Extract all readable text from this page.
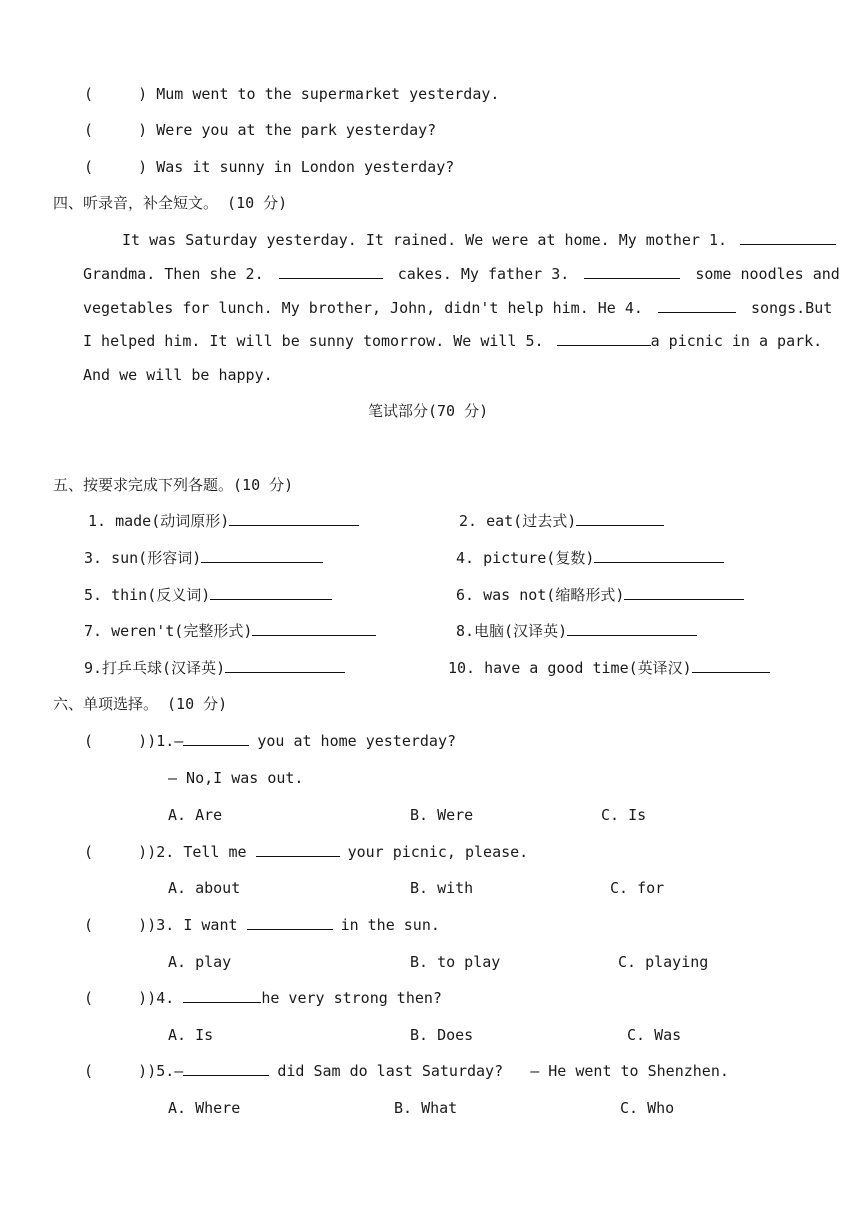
(     ) Mum went to the supermarket yesterday.
(     ) Were you at the park yesterday?
(     ) Was it sunny in London yesterday?
四、听录音，补全短文。 (10 分)
It was Saturday yesterday. It rained. We were at home. My mother 1.
Grandma. Then she 2.	cakes. My father 3.	some noodles and
vegetables for lunch. My brother, John, didn't help him. He 4.	songs.But
I helped him. It will be sunny tomorrow. We will 5.	a picnic in a park.
And we will be happy.
笔试部分(70 分)
五、按要求完成下列各题。(10 分)
1. made(动词原形)	2. eat(过去式)
3. sun(形容词)	4. picture(复数)
5. thin(反义词)	6. was not(缩略形式)
7. weren't(完整形式)	8.电脑(汉译英)
9.打乒乓球(汉译英)	10. have a good time(英译汉)
六、单项选择。 (10 分)
(     ))1.—	you at home yesterday?
— No,I was out.
A. Are	B. Were	C. Is
(     ))2. Tell me	your picnic, please.
A. about	B. with	C. for
(     ))3. I want	in the sun.
A. play	B. to play	C. playing
(     ))4.	he very strong then?
A. Is	B. Does	C. Was
(     ))5.—	did Sam do last Saturday?   — He went to Shenzhen.
A. Where	B. What	C. Who
